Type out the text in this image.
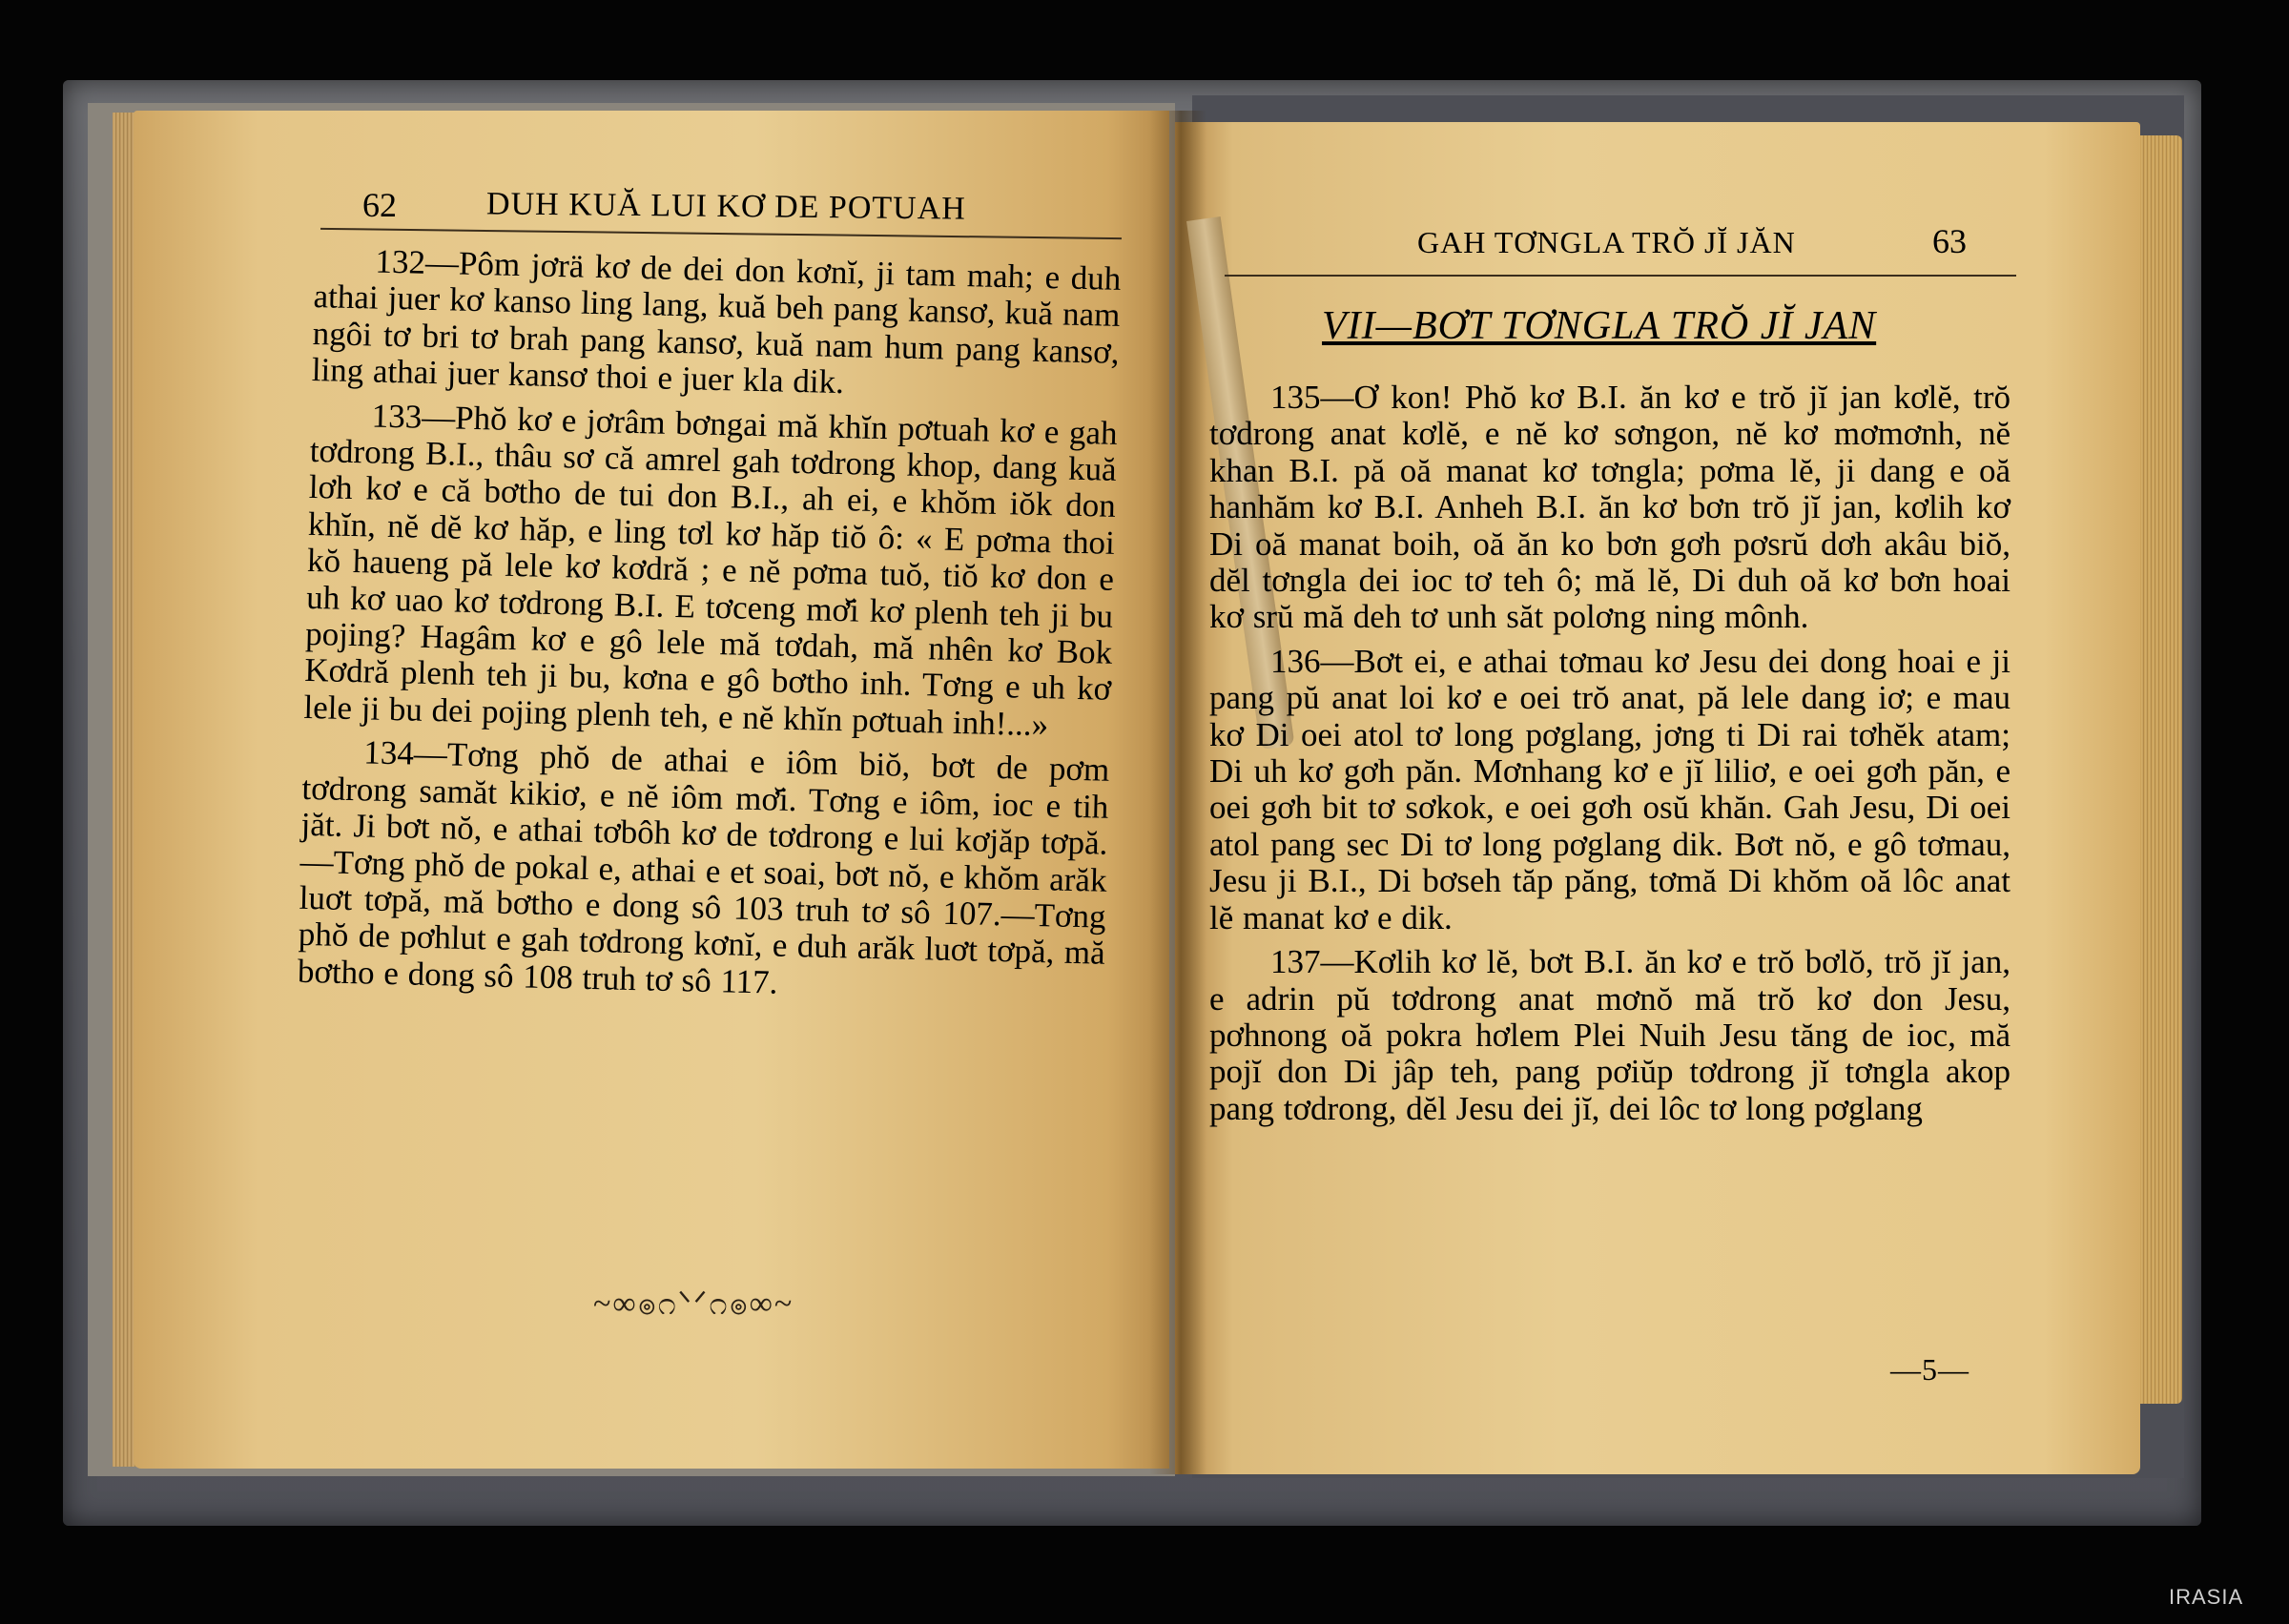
62	DUH KUĂ LUI KƠ DE POTUAH

132—Pôm jơrä kơ de dei don kơnĭ, ji tam mah; e duh athai juer kơ kanso ling lang, kuă beh pang kansơ, kuă nam ngôi tơ bri tơ brah pang kansơ, kuă nam hum pang kansơ, ling athai juer kansơ thoi e juer kla dik.

133—Phŏ kơ e jơrâm bơngai mă khĭn pơtuah kơ e gah tơdrong B.I., thâu sơ că amrel gah tơdrong khop, dang kuă lơh kơ e că bơtho de tui don B.I., ah ei, e khŏm iŏk don khĭn, nĕ dĕ kơ hăp, e ling tơl kơ hăp tiŏ ô: « E pơma thoi kŏ haueng pă lele kơ kơdră ; e nĕ pơma tuŏ, tiŏ kơ don e uh kơ uao kơ tơdrong B.I. E tơceng mơ̆i kơ plenh teh ji bu pojing? Hagâm kơ e gô lele mă tơdah, mă nhên kơ Bok Kơdră plenh teh ji bu, kơna e gô bơtho inh. Tơng e uh kơ lele ji bu dei pojing plenh teh, e nĕ khĭn pơtuah inh!...»

134—Tơng phŏ de athai e iôm biŏ, bơt de pơm tơdrong samăt kikiơ, e nĕ iôm mơ̆i. Tơng e iôm, ioc e tih jăt. Ji bơt nŏ, e athai tơbôh kơ de tơdrong e lui kơjăp tơpă.—Tơng phŏ de pokal e, athai e et soai, bơt nŏ, e khŏm arăk luơt tơpă, mă bơtho e dong sô 103 truh tơ sô 107.—Tơng phŏ de pơhlut e gah tơdrong kơnĭ, e duh arăk luơt tơpă, mă bơtho e dong sô 108 truh tơ sô 117.

~∞ၜ೧ᐠᐟ೧ၜ∞~
GAH TƠNGLA TRŎ JĬ JĂN	63
VII—BƠT TƠNGLA TRŎ JĬ JAN

135—Ơ kon! Phŏ kơ B.I. ăn kơ e trŏ jĭ jan kơlĕ, trŏ tơdrong anat kơlĕ, e nĕ kơ sơngon, nĕ kơ mơmơnh, nĕ khan B.I. pă oă manat kơ tơngla; pơma lĕ, ji dang e oă hanhăm kơ B.I. Anheh B.I. ăn kơ bơn trŏ jĭ jan, kơlih kơ Di oă manat boih, oă ăn ko bơn gơh pơsrŭ dơh akâu biŏ, dĕl tơngla dei ioc tơ teh ô; mă lĕ, Di duh oă kơ bơn hoai kơ srŭ mă deh tơ unh săt polơng ning mônh.

136—Bơt ei, e athai tơmau kơ Jesu dei dong hoai e ji pang pŭ anat loi kơ e oei trŏ anat, pă lele dang iơ; e mau kơ Di oei atol tơ long pơglang, jơng ti Di rai tơhĕk atam; Di uh kơ gơh păn. Mơnhang kơ e jĭ liliơ, e oei gơh păn, e oei gơh bit tơ sơkok, e oei gơh osŭ khăn. Gah Jesu, Di oei atol pang sec Di tơ long pơglang dik. Bơt nŏ, e gô tơmau, Jesu ji B.I., Di bơseh tăp păng, tơmă Di khŏm oă lôc anat lĕ manat kơ e dik.

137—Kơlih kơ lĕ, bơt B.I. ăn kơ e trŏ bơlŏ, trŏ jĭ jan, e adrin pŭ tơdrong anat mơnŏ mă trŏ kơ don Jesu, pơhnong oă pokra hơlem Plei Nuih Jesu tăng de ioc, mă pojĭ don Di jâp teh, pang pơiŭp tơdrong jĭ tơngla akop pang tơdrong, dĕl Jesu dei jĭ, dei lôc tơ long pơglang

—5—
IRASIA
